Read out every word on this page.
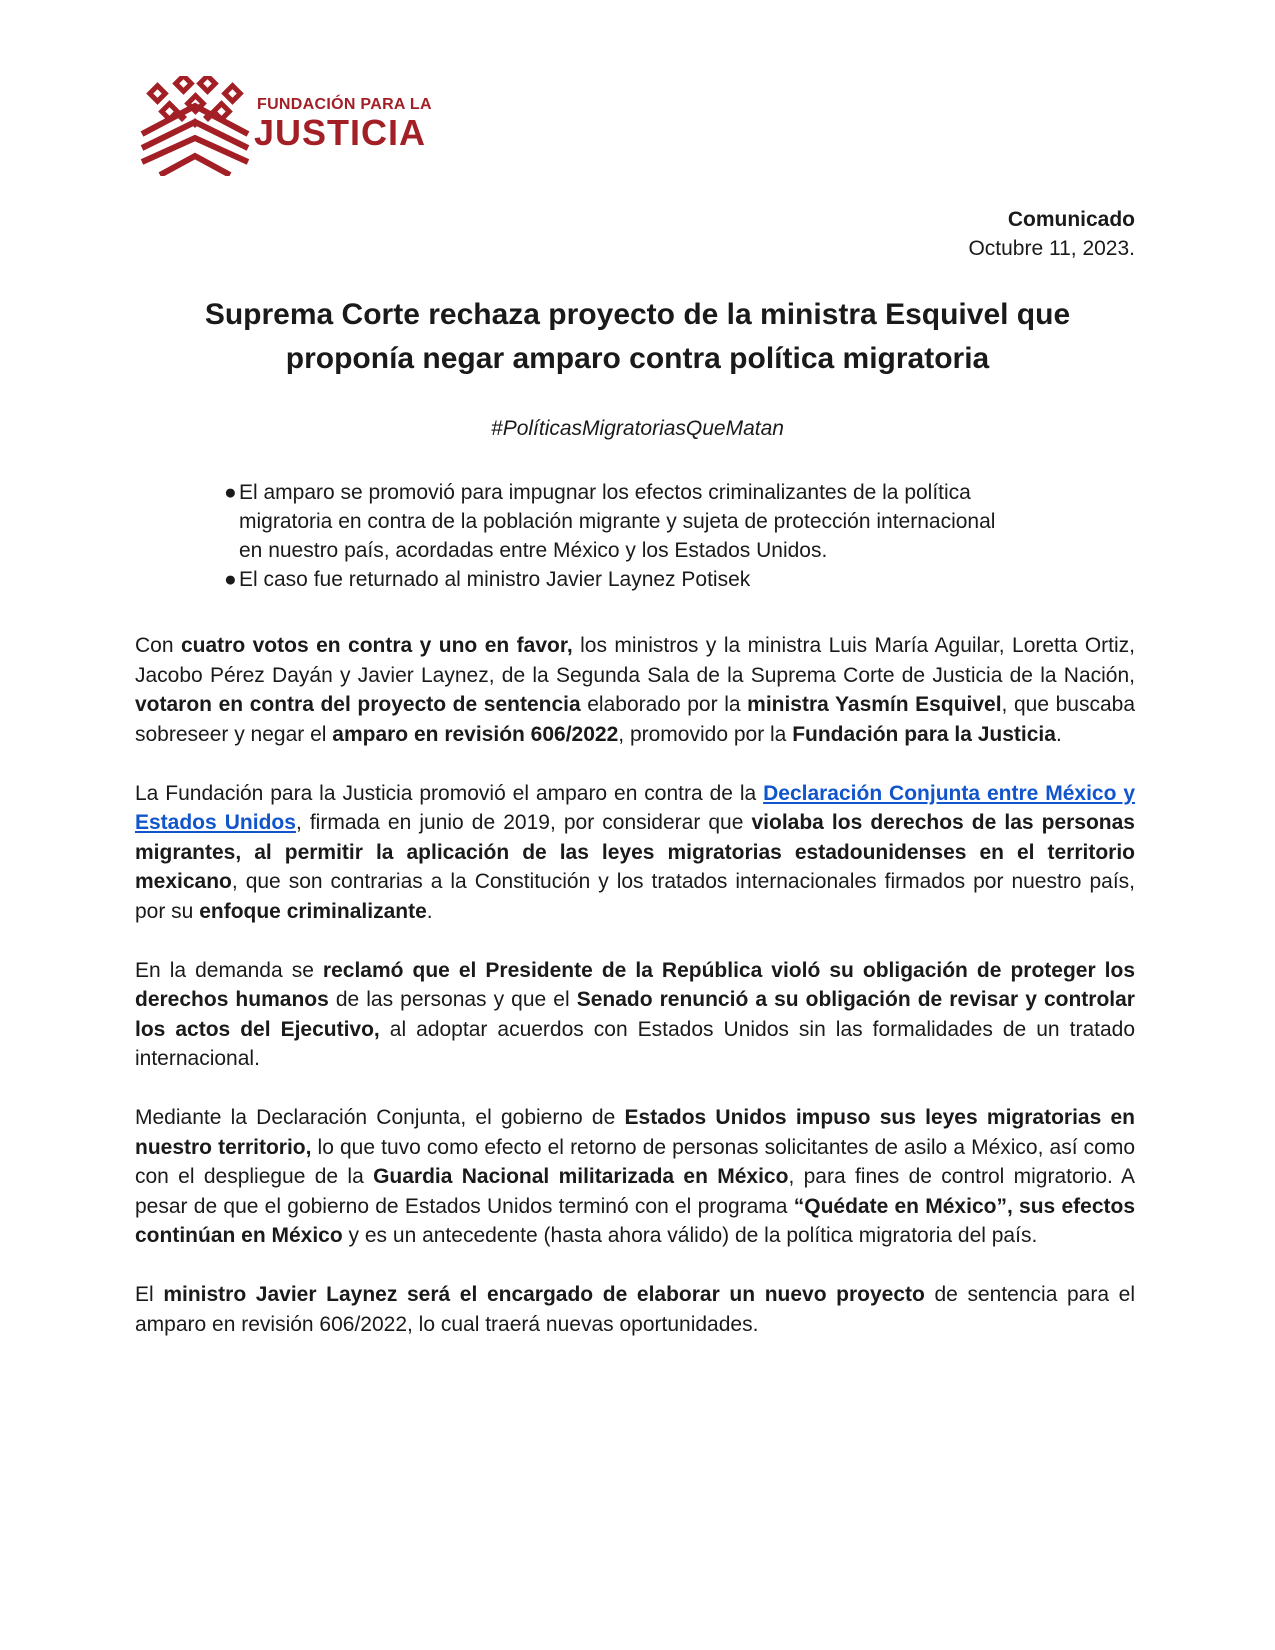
FUNDACIÓN PARA LA
JUSTICIA
Comunicado
Octubre 11, 2023.
Suprema Corte rechaza proyecto de la ministra Esquivel que
proponía negar amparo contra política migratoria

#PolíticasMigratoriasQueMatan

● El amparo se promovió para impugnar los efectos criminalizantes de la política
migratoria en contra de la población migrante y sujeta de protección internacional
en nuestro país, acordadas entre México y los Estados Unidos.
● El caso fue returnado al ministro Javier Laynez Potisek

Con cuatro votos en contra y uno en favor, los ministros y la ministra Luis María Aguilar, Loretta Ortiz, Jacobo Pérez Dayán y Javier Laynez, de la Segunda Sala de la Suprema Corte de Justicia de la Nación, votaron en contra del proyecto de sentencia elaborado por la ministra Yasmín Esquivel, que buscaba sobreseer y negar el amparo en revisión 606/2022, promovido por la Fundación para la Justicia.

La Fundación para la Justicia promovió el amparo en contra de la Declaración Conjunta entre México y Estados Unidos, firmada en junio de 2019, por considerar que violaba los derechos de las personas migrantes, al permitir la aplicación de las leyes migratorias estadounidenses en el territorio mexicano, que son contrarias a la Constitución y los tratados internacionales firmados por nuestro país, por su enfoque criminalizante.

En la demanda se reclamó que el Presidente de la República violó su obligación de proteger los derechos humanos de las personas y que el Senado renunció a su obligación de revisar y controlar los actos del Ejecutivo, al adoptar acuerdos con Estados Unidos sin las formalidades de un tratado internacional.

Mediante la Declaración Conjunta, el gobierno de Estados Unidos impuso sus leyes migratorias en nuestro territorio, lo que tuvo como efecto el retorno de personas solicitantes de asilo a México, así como con el despliegue de la Guardia Nacional militarizada en México, para fines de control migratorio. A pesar de que el gobierno de Estados Unidos terminó con el programa “Quédate en México”, sus efectos continúan en México y es un antecedente (hasta ahora válido) de la política migratoria del país.

El ministro Javier Laynez será el encargado de elaborar un nuevo proyecto de sentencia para el amparo en revisión 606/2022, lo cual traerá nuevas oportunidades.
